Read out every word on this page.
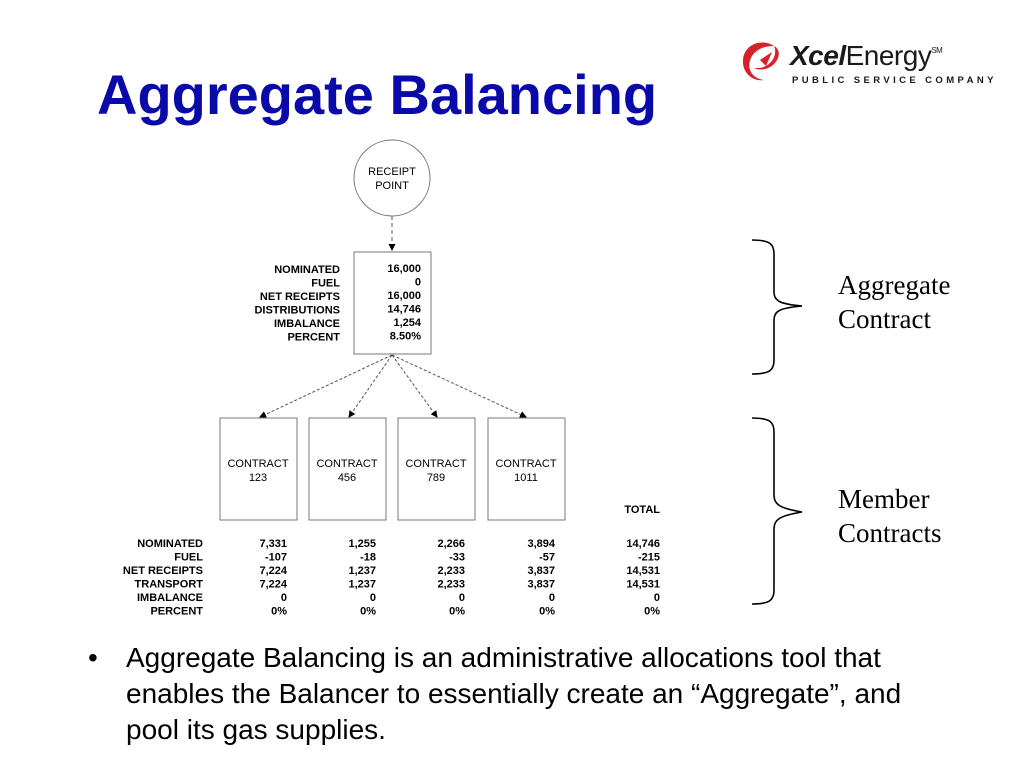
Aggregate Balancing
XcelEnergy℠
PUBLIC SERVICE COMPANY
RECEIPT
POINT
NOMINATED
FUEL
NET RECEIPTS
DISTRIBUTIONS
IMBALANCE
PERCENT
16,000
0
16,000
14,746
1,254
8.50%
CONTRACT
123
CONTRACT
456
CONTRACT
789
CONTRACT
1011
TOTAL
NOMINATED
FUEL
NET RECEIPTS
TRANSPORT
IMBALANCE
PERCENT
7,331
-107
7,224
7,224
0
0%
1,255
-18
1,237
1,237
0
0%
2,266
-33
2,233
2,233
0
0%
3,894
-57
3,837
3,837
0
0%
14,746
-215
14,531
14,531
0
0%
Aggregate
Contract
Member
Contracts
• Aggregate Balancing is an administrative allocations tool that enables the Balancer to essentially create an “Aggregate”, and pool its gas supplies.
